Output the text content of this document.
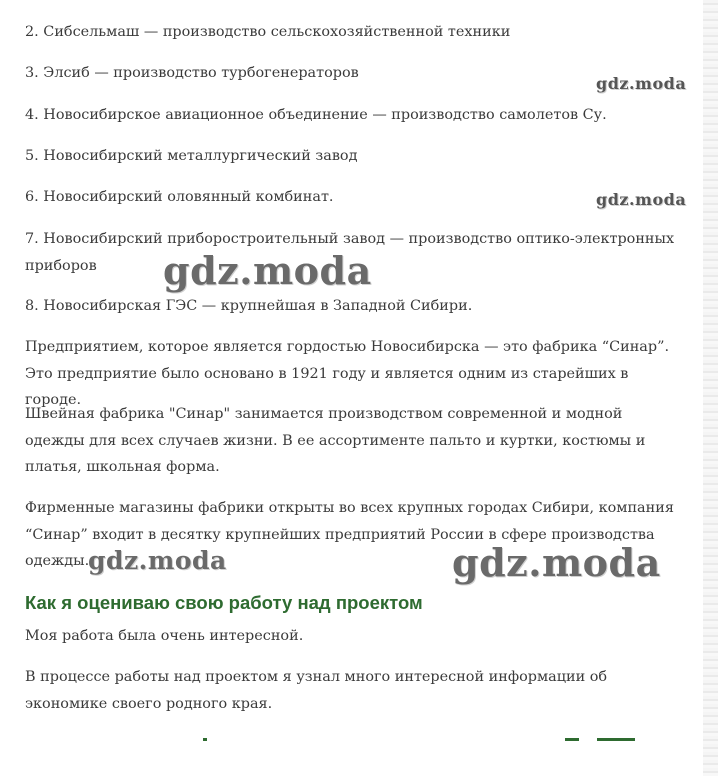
2. Сибсельмаш — производство сельскохозяйственной техники

3. Элсиб — производство турбогенераторов

4. Новосибирское авиационное объединение — производство самолетов Су.

5. Новосибирский металлургический завод

6. Новосибирский оловянный комбинат.

7. Новосибирский приборостроительный завод — производство оптико-электронных приборов

8. Новосибирская ГЭС — крупнейшая в Западной Сибири.

Предприятием, которое является гордостью Новосибирска — это фабрика “Синар”. Это предприятие было основано в 1921 году и является одним из старейших в городе.

Швейная фабрика "Синар" занимается производством современной и модной одежды для всех случаев жизни. В ее ассортименте пальто и куртки, костюмы и платья, школьная форма.

Фирменные магазины фабрики открыты во всех крупных городах Сибири, компания “Синар” входит в десятку крупнейших предприятий России в сфере производства одежды.

Как я оцениваю свою работу над проектом

Моя работа была очень интересной.

В процессе работы над проектом я узнал много интересной информации об экономике своего родного края.

gdz.moda
gdz.moda
gdz.moda
gdz.moda	gdz.moda
